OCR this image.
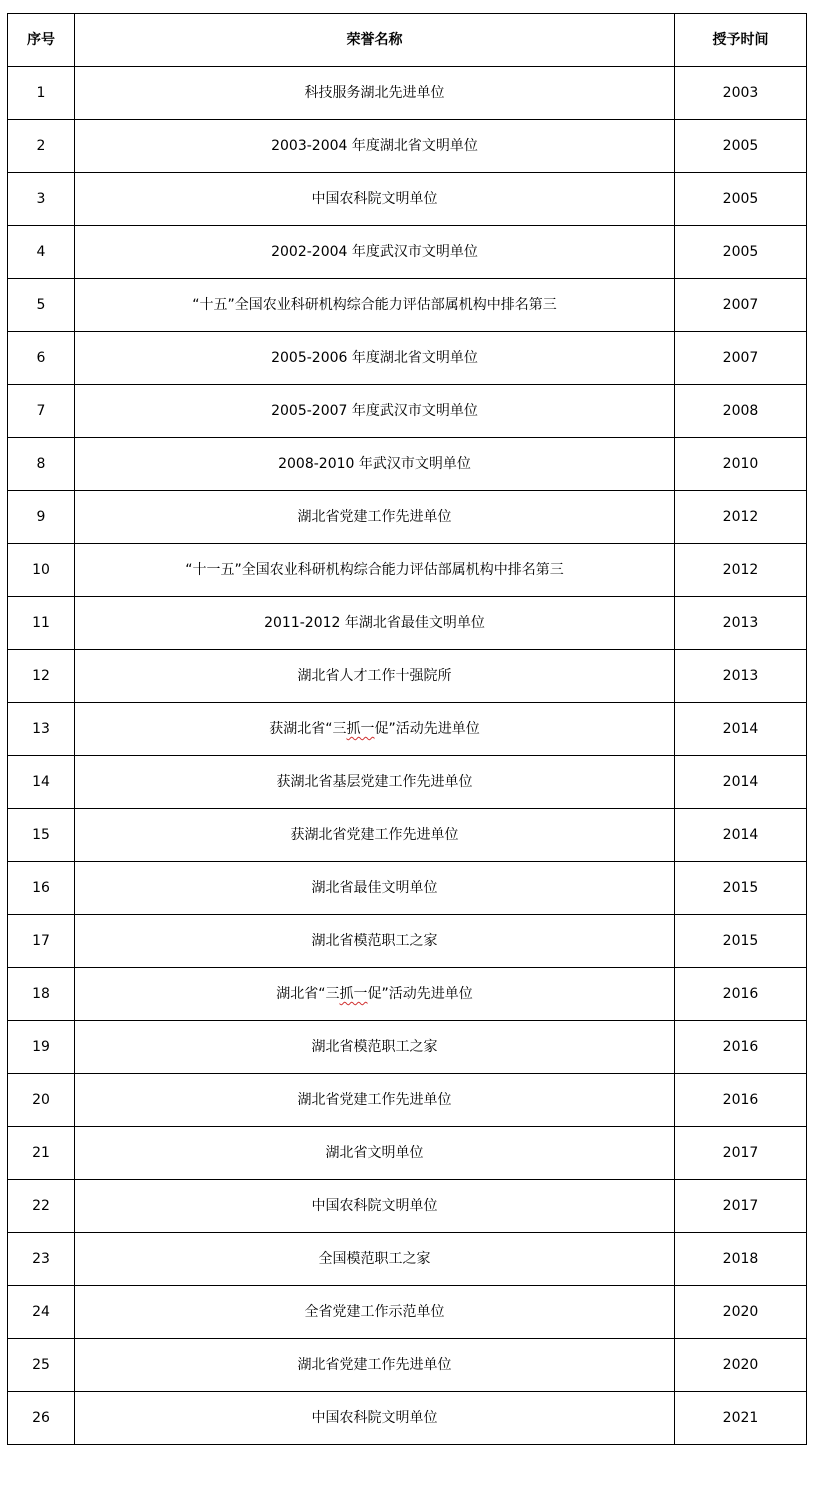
序号	荣誉名称	授予时间
1	科技服务湖北先进单位	2003
2	2003-2004 年度湖北省文明单位	2005
3	中国农科院文明单位	2005
4	2002-2004 年度武汉市文明单位	2005
5	“十五”全国农业科研机构综合能力评估部属机构中排名第三	2007
6	2005-2006 年度湖北省文明单位	2007
7	2005-2007 年度武汉市文明单位	2008
8	2008-2010 年武汉市文明单位	2010
9	湖北省党建工作先进单位	2012
10	“十一五”全国农业科研机构综合能力评估部属机构中排名第三	2012
11	2011-2012 年湖北省最佳文明单位	2013
12	湖北省人才工作十强院所	2013
13	获湖北省“三抓一促”活动先进单位	2014
14	获湖北省基层党建工作先进单位	2014
15	获湖北省党建工作先进单位	2014
16	湖北省最佳文明单位	2015
17	湖北省模范职工之家	2015
18	湖北省“三抓一促”活动先进单位	2016
19	湖北省模范职工之家	2016
20	湖北省党建工作先进单位	2016
21	湖北省文明单位	2017
22	中国农科院文明单位	2017
23	全国模范职工之家	2018
24	全省党建工作示范单位	2020
25	湖北省党建工作先进单位	2020
26	中国农科院文明单位	2021
